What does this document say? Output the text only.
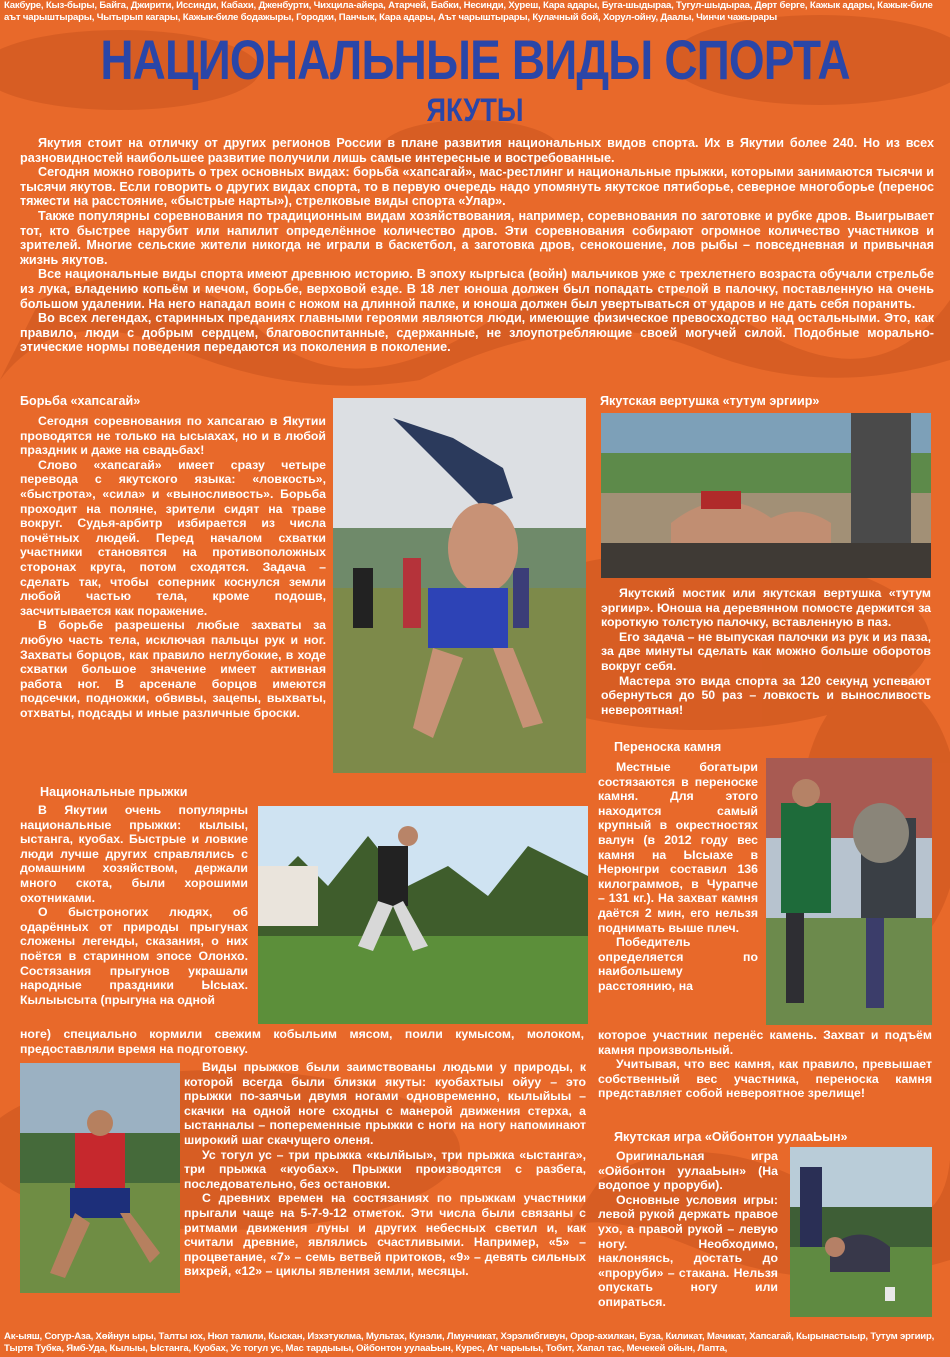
Какбуре, Кыз-быры, Байга, Джирити, Иссинди, Кабахи, Дженбурти, Чихцила-айера, Атарчей, Бабки, Несинди, Хуреш, Кара адары, Буга-шыдыраа, Тугул-шыдыраа, Дөрт берге, Кажык адары, Кажык-биле аът чарыштырары, Чытырып кагары, Кажык-биле бодажыры, Городки, Панчык, Кара адары, Аът чарыштырары, Кулачный бой, Хорул-ойну, Даалы, Чинчи чажырары
НАЦИОНАЛЬНЫЕ ВИДЫ СПОРТА
ЯКУТЫ

Якутия стоит на отличку от других регионов России в плане развития национальных видов спорта. Их в Якутии более 240. Но из всех разновидностей наибольшее развитие получили лишь самые интересные и востребованные.

Сегодня можно говорить о трех основных видах: борьба «хапсагай», мас-рестлинг и национальные прыжки, которыми занимаются тысячи и тысячи якутов. Если говорить о других видах спорта, то в первую очередь надо упомянуть якутское пятиборье, северное многоборье (перенос тяжести на расстояние, «быстрые нарты»), стрелковые виды спорта «Улар».

Также популярны соревнования по традиционным видам хозяйствования, например, соревнования по заготовке и рубке дров. Выигрывает тот, кто быстрее нарубит или напилит определённое количество дров. Эти соревнования собирают огромное количество участников и зрителей. Многие сельские жители никогда не играли в баскетбол, а заготовка дров, сенокошение, лов рыбы – повседневная и привычная жизнь якутов.

Все национальные виды спорта имеют древнюю историю. В эпоху кыргыса (войн) мальчиков уже с трехлетнего возраста обучали стрельбе из лука, владению копьём и мечом, борьбе, верховой езде. В 18 лет юноша должен был попадать стрелой в палочку, поставленную на очень большом удалении. На него нападал воин с ножом на длинной палке, и юноша должен был увертываться от ударов и не дать себя поранить.

Во всех легендах, старинных преданиях главными героями являются люди, имеющие физическое превосходство над остальными. Это, как правило, люди с добрым сердцем, благовоспитанные, сдержанные, не злоупотребляющие своей могучей силой. Подобные морально-этические нормы поведения передаются из поколения в поколение.

Борьба «хапсагай»

Сегодня соревнования по хапсагаю в Якутии проводятся не только на ысыахах, но и в любой праздник и даже на свадьбах!

Слово «хапсагай» имеет сразу четыре перевода с якутского языка: «ловкость», «быстрота», «сила» и «выносливость». Борьба проходит на поляне, зрители сидят на траве вокруг. Судья-арбитр избирается из числа почётных людей. Перед началом схватки участники становятся на противоположных сторонах круга, потом сходятся. Задача – сделать так, чтобы соперник коснулся земли любой частью тела, кроме подошв, засчитывается как поражение.

В борьбе разрешены любые захваты за любую часть тела, исключая пальцы рук и ног. Захваты борцов, как правило неглубокие, в ходе схватки большое значение имеет активная работа ног. В арсенале борцов имеются подсечки, подножки, обвивы, зацепы, выхваты, отхваты, подсады и иные различные броски.

Якутская вертушка «тутум эргиир»

Якутский мостик или якутская вертушка «тутум эргиир». Юноша на деревянном помосте держится за короткую толстую палочку, вставленную в паз.

Его задача – не выпуская палочки из рук и из паза, за две минуты сделать как можно больше оборотов вокруг себя.

Мастера это вида спорта за 120 секунд успевают обернуться до 50 раз – ловкость и выносливость невероятная!

Переноска камня

Местные богатыри состязаются в переноске камня. Для этого находится самый крупный в окрестностях валун (в 2012 году вес камня на Ысыахе в Нерюнгри составил 136 килограммов, в Чурапче – 131 кг.). На захват камня даётся 2 мин, его нельзя поднимать выше плеч.

Победитель определяется по наибольшему расстоянию, на

которое участник перенёс камень. Захват и подъём камня произвольный.

Учитывая, что вес камня, как правило, превышает собственный вес участника, переноска камня представляет собой невероятное зрелище!

Национальные прыжки

В Якутии очень популярны национальные прыжки: кылыы, ыстанга, куобах. Быстрые и ловкие люди лучше других справлялись с домашним хозяйством, держали много скота, были хорошими охотниками.

О быстроногих людях, об одарённых от природы прыгунах сложены легенды, сказания, о них поётся в старинном эпосе Олонхо. Состязания прыгунов украшали народные праздники Ысыах. Кылыысыта (прыгуна на одной

ноге) специально кормили свежим кобыльим мясом, поили кумысом, молоком, предоставляли время на подготовку.

Виды прыжков были заимствованы людьми у природы, к которой всегда были близки якуты: куобахтыы ойуу – это прыжки по-заячьи двумя ногами одновременно, кылыйыы – скачки на одной ноге сходны с манерой движения стерха, а ыстанналы – попеременные прыжки с ноги на ногу напоминают широкий шаг скачущего оленя.

Ус тогул ус – три прыжка «кылйыы», три прыжка «ыстанга», три прыжка «куобах». Прыжки производятся с разбега, последовательно, без остановки.

С древних времен на состязаниях по прыжкам участники прыгали чаще на 5-7-9-12 отметок. Эти числа были связаны с ритмами движения луны и других небесных светил и, как считали древние, являлись счастливыми. Например, «5» – процветание, «7» – семь ветвей притоков, «9» – девять сильных вихрей, «12» – циклы явления земли, месяцы.

Якутская игра «Ойбонтон уулааЬын»

Оригинальная игра «Ойбонтон уулааЬын» (На водопое у проруби).

Основные условия игры: левой рукой держать правое ухо, а правой рукой – левую ногу. Необходимо, наклоняясь, достать до «проруби» – стакана. Нельзя опускать ногу или опираться.

Ак-ыяш, Согур-Аза, Хөйнун ыры, Талты юх, Нюл талили, Кыскан, Изхэтуклма, Мультах, Кунэли, Лмунчикат, Хэрэлибгивун, Орор-ахилкан, Буза, Киликат, Мачикат, Хапсагай, Кырынастыыр, Тутум эргиир, Тыртя Тубка, Ямб-Уда, Кылыы, Ыстанга, Куобах, Ус тогул ус, Мас тардыыы, Ойбонтон уулааЬын, Курес, Ат чарыыы, Тобит, Хапал тас, Мечекей ойын, Лапта,
